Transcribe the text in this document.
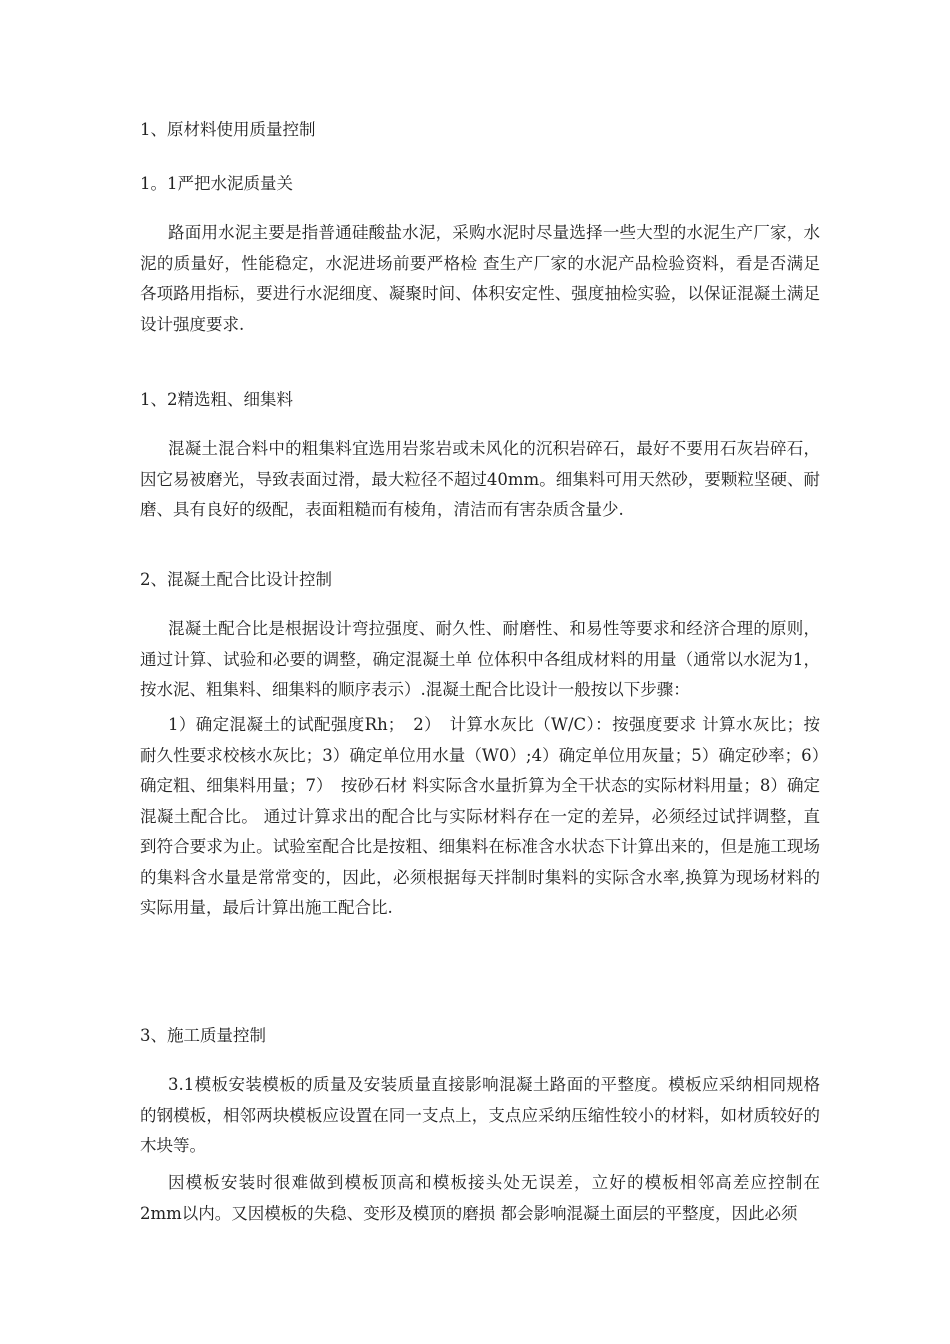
1、原材料使用质量控制

1。1严把水泥质量关

路面用水泥主要是指普通硅酸盐水泥，采购水泥时尽量选择一些大型的水泥生产厂家，水泥的质量好，性能稳定，水泥进场前要严格检 查生产厂家的水泥产品检验资料，看是否满足各项路用指标，要进行水泥细度、凝聚时间、体积安定性、强度抽检实验，以保证混凝土满足设计强度要求.

1、2精选粗、细集料

混凝土混合料中的粗集料宜选用岩浆岩或未风化的沉积岩碎石，最好不要用石灰岩碎石，因它易被磨光，导致表面过滑，最大粒径不超过40mm。细集料可用天然砂，要颗粒坚硬、耐磨、具有良好的级配，表面粗糙而有棱角，清洁而有害杂质含量少.

2、混凝土配合比设计控制

混凝土配合比是根据设计弯拉强度、耐久性、耐磨性、和易性等要求和经济合理的原则，通过计算、试验和必要的调整，确定混凝土单 位体积中各组成材料的用量（通常以水泥为1，按水泥、粗集料、细集料的顺序表示）.混凝土配合比设计一般按以下步骤：

1）确定混凝土的试配强度Rh；　2）　计算水灰比（W/C）：按强度要求 计算水灰比；按耐久性要求校核水灰比；3）确定单位用水量（W0）;4）确定单位用灰量；5）确定砂率；6）确定粗、细集料用量；7）　按砂石材 料实际含水量折算为全干状态的实际材料用量；8）确定混凝土配合比。 通过计算求出的配合比与实际材料存在一定的差异，必须经过试拌调整，直到符合要求为止。试验室配合比是按粗、细集料在标准含水状态下计算出来的，但是施工现场的集料含水量是常常变的，因此，必须根据每天拌制时集料的实际含水率,换算为现场材料的实际用量，最后计算出施工配合比.

3、施工质量控制

3.1模板安装模板的质量及安装质量直接影响混凝土路面的平整度。模板应采纳相同规格的钢模板，相邻两块模板应设置在同一支点上，支点应采纳压缩性较小的材料，如材质较好的木块等。

因模板安装时很难做到模板顶高和模板接头处无误差，立好的模板相邻高差应控制在2mm以内。又因模板的失稳、变形及模顶的磨损 都会影响混凝土面层的平整度，因此必须
